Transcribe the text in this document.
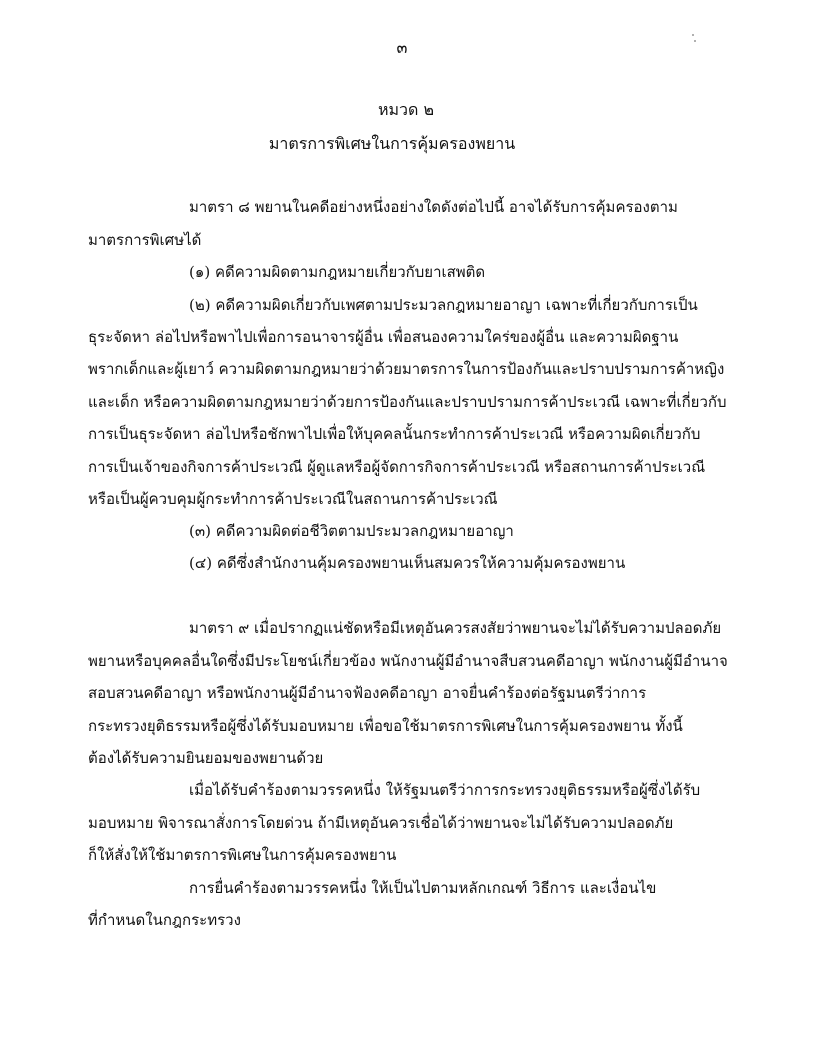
๓
หมวด ๒
มาตรการพิเศษในการคุ้มครองพยาน
มาตรา ๘ พยานในคดีอย่างหนึ่งอย่างใดดังต่อไปนี้ อาจได้รับการคุ้มครองตาม
มาตรการพิเศษได้
(๑) คดีความผิดตามกฎหมายเกี่ยวกับยาเสพติด
(๒) คดีความผิดเกี่ยวกับเพศตามประมวลกฎหมายอาญา เฉพาะที่เกี่ยวกับการเป็น
ธุระจัดหา ล่อไปหรือพาไปเพื่อการอนาจารผู้อื่น เพื่อสนองความใคร่ของผู้อื่น และความผิดฐาน
พรากเด็กและผู้เยาว์ ความผิดตามกฎหมายว่าด้วยมาตรการในการป้องกันและปราบปรามการค้าหญิง
และเด็ก หรือความผิดตามกฎหมายว่าด้วยการป้องกันและปราบปรามการค้าประเวณี เฉพาะที่เกี่ยวกับ
การเป็นธุระจัดหา ล่อไปหรือชักพาไปเพื่อให้บุคคลนั้นกระทำการค้าประเวณี หรือความผิดเกี่ยวกับ
การเป็นเจ้าของกิจการค้าประเวณี ผู้ดูแลหรือผู้จัดการกิจการค้าประเวณี หรือสถานการค้าประเวณี
หรือเป็นผู้ควบคุมผู้กระทำการค้าประเวณีในสถานการค้าประเวณี
(๓) คดีความผิดต่อชีวิตตามประมวลกฎหมายอาญา
(๔) คดีซึ่งสำนักงานคุ้มครองพยานเห็นสมควรให้ความคุ้มครองพยาน
มาตรา ๙ เมื่อปรากฏแน่ชัดหรือมีเหตุอันควรสงสัยว่าพยานจะไม่ได้รับความปลอดภัย
พยานหรือบุคคลอื่นใดซึ่งมีประโยชน์เกี่ยวข้อง พนักงานผู้มีอำนาจสืบสวนคดีอาญา พนักงานผู้มีอำนาจ
สอบสวนคดีอาญา หรือพนักงานผู้มีอำนาจฟ้องคดีอาญา อาจยื่นคำร้องต่อรัฐมนตรีว่าการ
กระทรวงยุติธรรมหรือผู้ซึ่งได้รับมอบหมาย เพื่อขอใช้มาตรการพิเศษในการคุ้มครองพยาน ทั้งนี้
ต้องได้รับความยินยอมของพยานด้วย
เมื่อได้รับคำร้องตามวรรคหนึ่ง ให้รัฐมนตรีว่าการกระทรวงยุติธรรมหรือผู้ซึ่งได้รับ
มอบหมาย พิจารณาสั่งการโดยด่วน ถ้ามีเหตุอันควรเชื่อได้ว่าพยานจะไม่ได้รับความปลอดภัย
ก็ให้สั่งให้ใช้มาตรการพิเศษในการคุ้มครองพยาน
การยื่นคำร้องตามวรรคหนึ่ง ให้เป็นไปตามหลักเกณฑ์ วิธีการ และเงื่อนไข
ที่กำหนดในกฎกระทรวง
